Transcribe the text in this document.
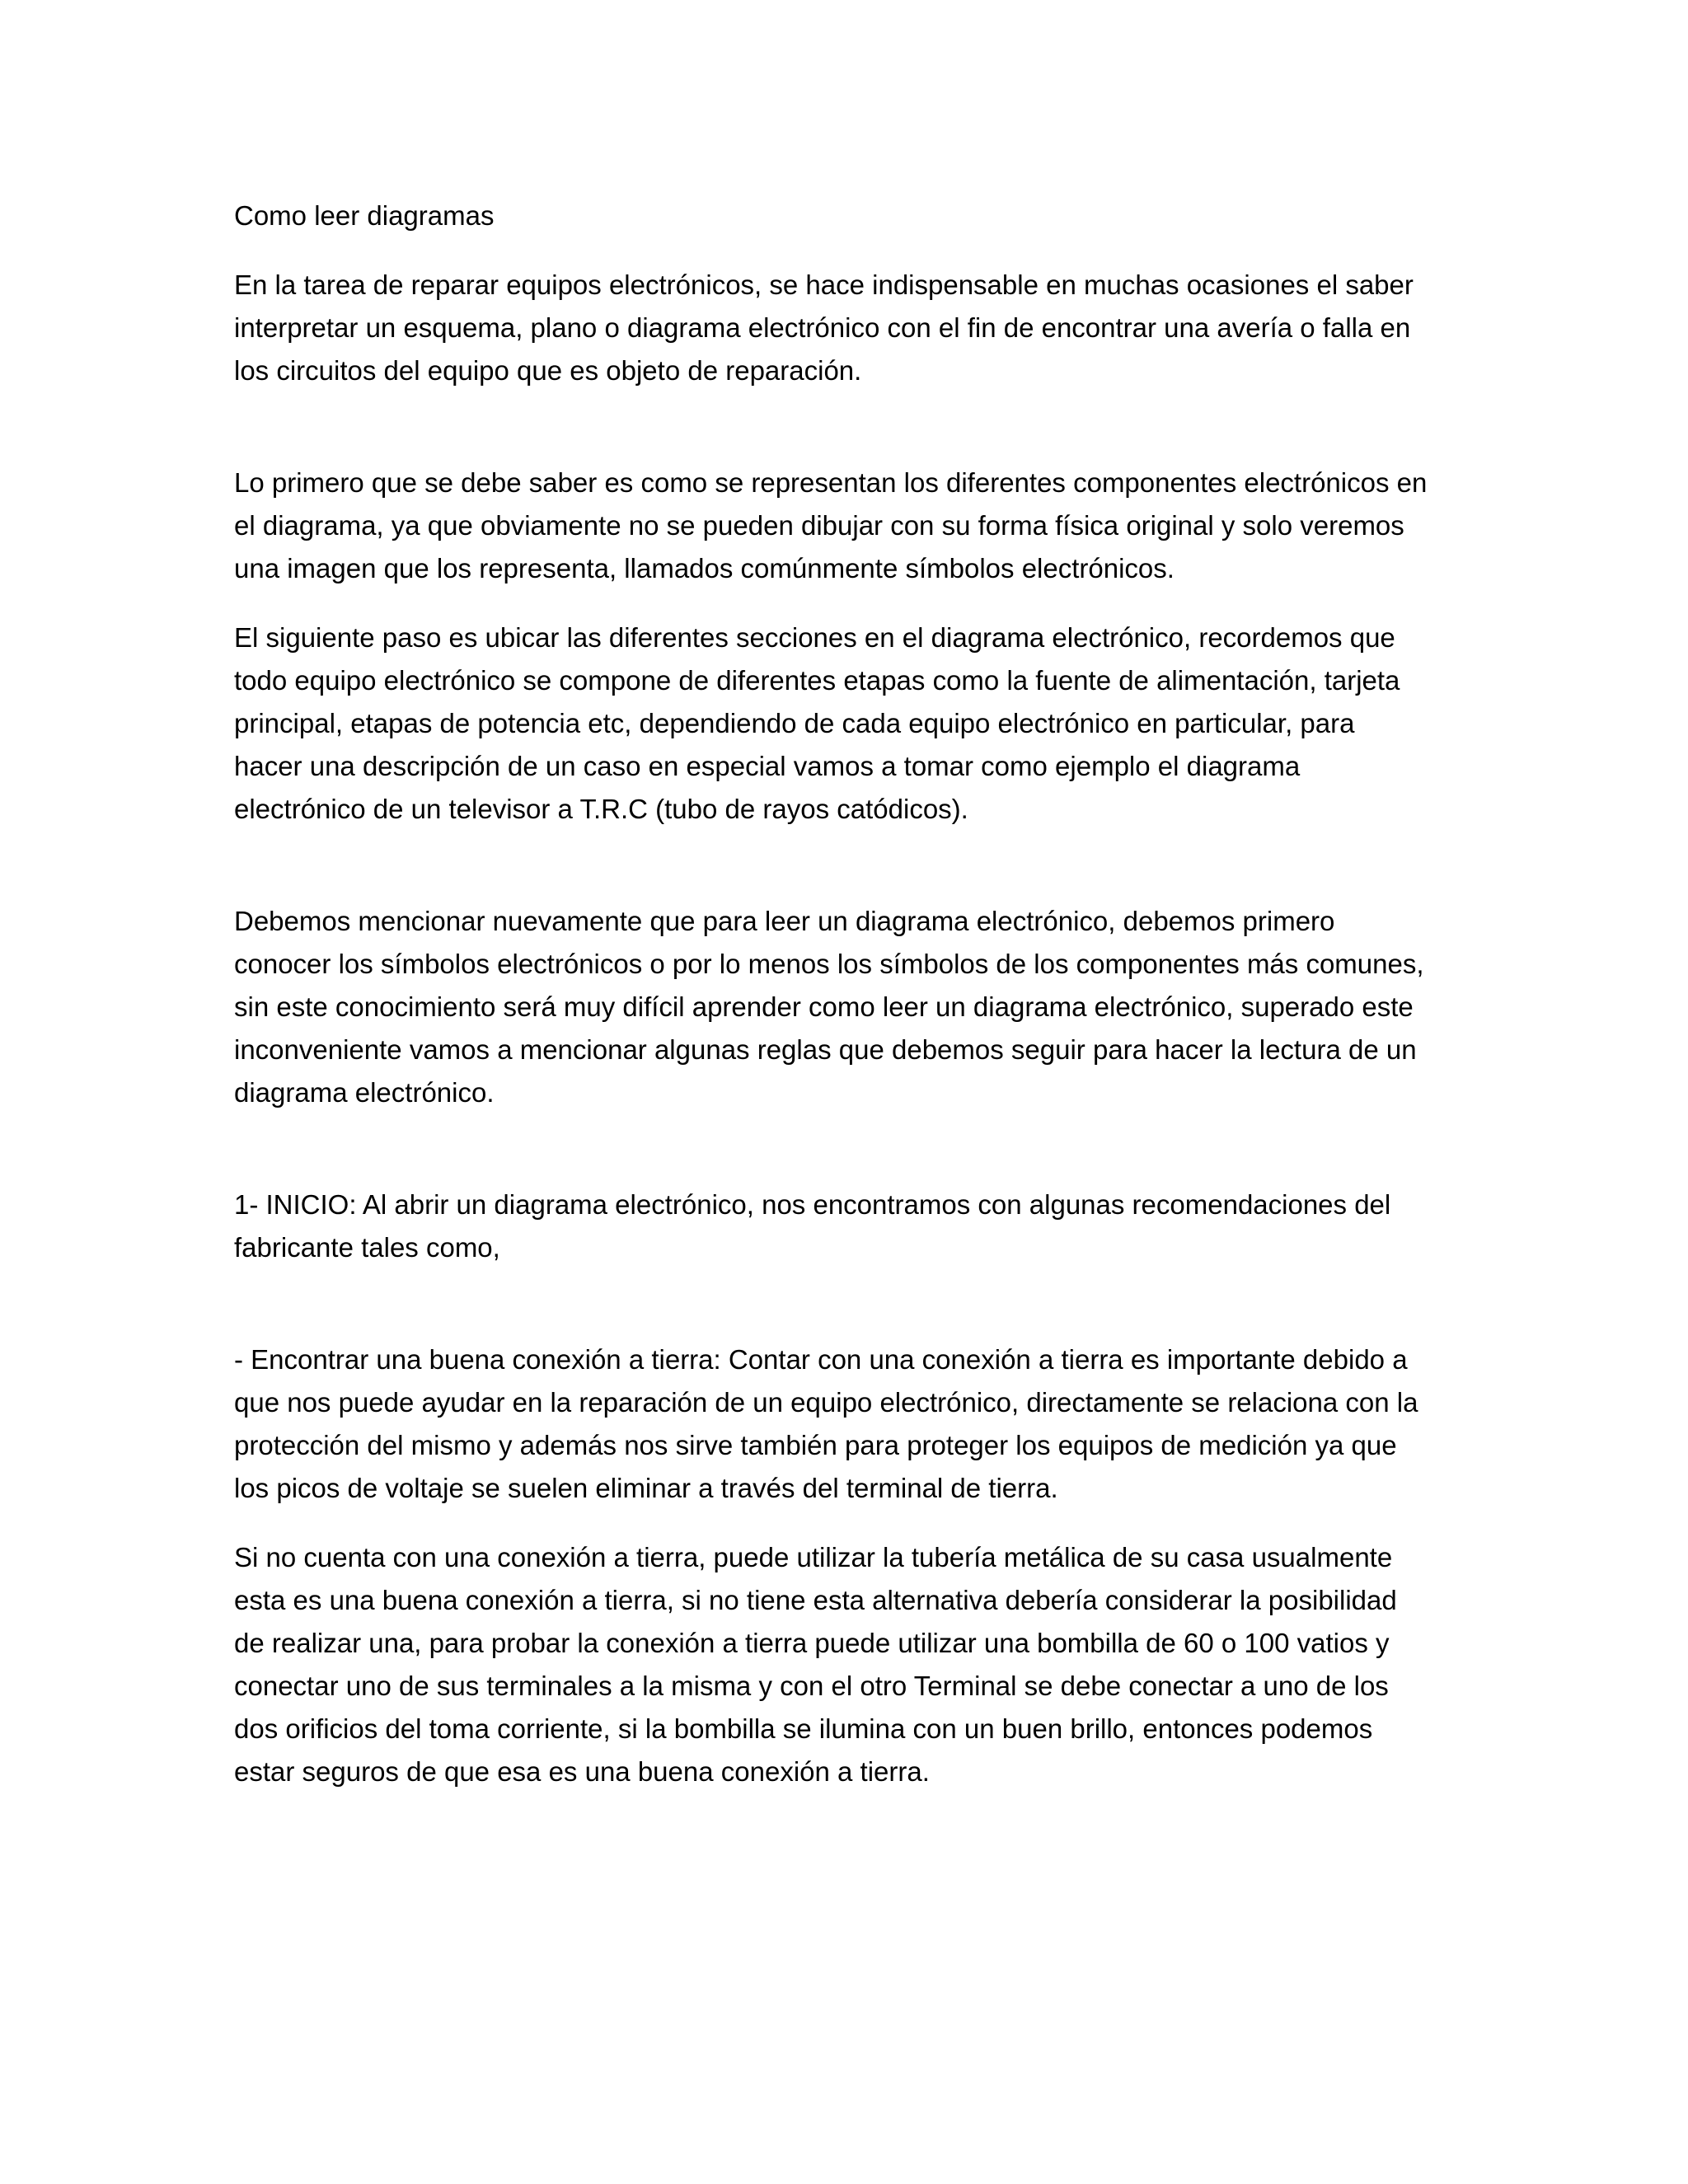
Como leer diagramas
En la tarea de reparar equipos electrónicos, se hace indispensable en muchas ocasiones el saber
interpretar un esquema, plano o diagrama electrónico con el fin de encontrar una avería o falla en
los circuitos del equipo que es objeto de reparación.
Lo primero que se debe saber es como se representan los diferentes componentes electrónicos en
el diagrama, ya que obviamente no se pueden dibujar con su forma física original y solo veremos
una imagen que los representa, llamados comúnmente símbolos electrónicos.
El siguiente paso es ubicar las diferentes secciones en el diagrama electrónico, recordemos que
todo equipo electrónico se compone de diferentes etapas como la fuente de alimentación, tarjeta
principal, etapas de potencia etc, dependiendo de cada equipo electrónico en particular, para
hacer una descripción de un caso en especial vamos a tomar como ejemplo el diagrama
electrónico de un televisor a T.R.C (tubo de rayos catódicos).
Debemos mencionar nuevamente que para leer un diagrama electrónico, debemos primero
conocer los símbolos electrónicos o por lo menos los símbolos de los componentes más comunes,
sin este conocimiento será muy difícil aprender como leer un diagrama electrónico, superado este
inconveniente vamos a mencionar algunas reglas que debemos seguir para hacer la lectura de un
diagrama electrónico.
1- INICIO: Al abrir un diagrama electrónico, nos encontramos con algunas recomendaciones del
fabricante tales como,
- Encontrar una buena conexión a tierra: Contar con una conexión a tierra es importante debido a
que nos puede ayudar en la reparación de un equipo electrónico, directamente se relaciona con la
protección del mismo y además nos sirve también para proteger los equipos de medición ya que
los picos de voltaje se suelen eliminar a través del terminal de tierra.
Si no cuenta con una conexión a tierra, puede utilizar la tubería metálica de su casa usualmente
esta es una buena conexión a tierra, si no tiene esta alternativa debería considerar la posibilidad
de realizar una, para probar la conexión a tierra puede utilizar una bombilla de 60 o 100 vatios y
conectar uno de sus terminales a la misma y con el otro Terminal se debe conectar a uno de los
dos orificios del toma corriente, si la bombilla se ilumina con un buen brillo, entonces podemos
estar seguros de que esa es una buena conexión a tierra.
